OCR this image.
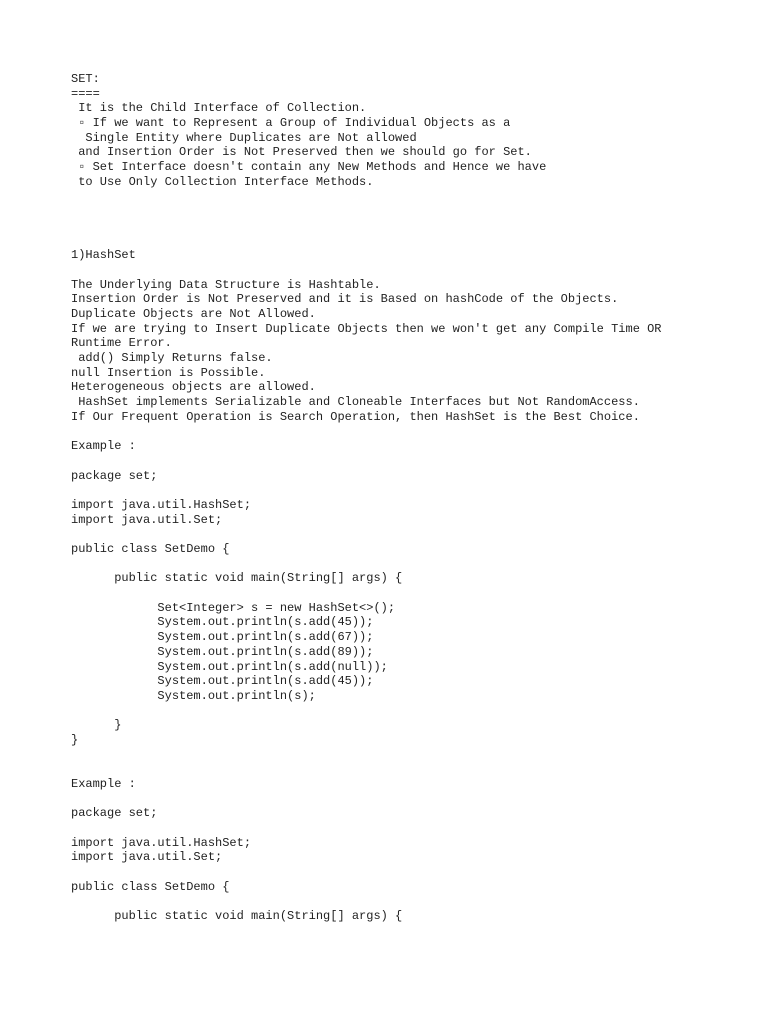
SET:
====
It is the Child Interface of Collection.
▫ If we want to Represent a Group of Individual Objects as a
Single Entity where Duplicates are Not allowed
and Insertion Order is Not Preserved then we should go for Set.
▫ Set Interface doesn't contain any New Methods and Hence we have
to Use Only Collection Interface Methods.
1)HashSet
The Underlying Data Structure is Hashtable.
Insertion Order is Not Preserved and it is Based on hashCode of the Objects.
Duplicate Objects are Not Allowed.
If we are trying to Insert Duplicate Objects then we won't get any Compile Time OR
Runtime Error.
add() Simply Returns false.
null Insertion is Possible.
Heterogeneous objects are allowed.
HashSet implements Serializable and Cloneable Interfaces but Not RandomAccess.
If Our Frequent Operation is Search Operation, then HashSet is the Best Choice.
Example :
package set;
import java.util.HashSet;
import java.util.Set;
public class SetDemo {
public static void main(String[] args) {
Set<Integer> s = new HashSet<>();
System.out.println(s.add(45));
System.out.println(s.add(67));
System.out.println(s.add(89));
System.out.println(s.add(null));
System.out.println(s.add(45));
System.out.println(s);
}
}
Example :
package set;
import java.util.HashSet;
import java.util.Set;
public class SetDemo {
public static void main(String[] args) {
